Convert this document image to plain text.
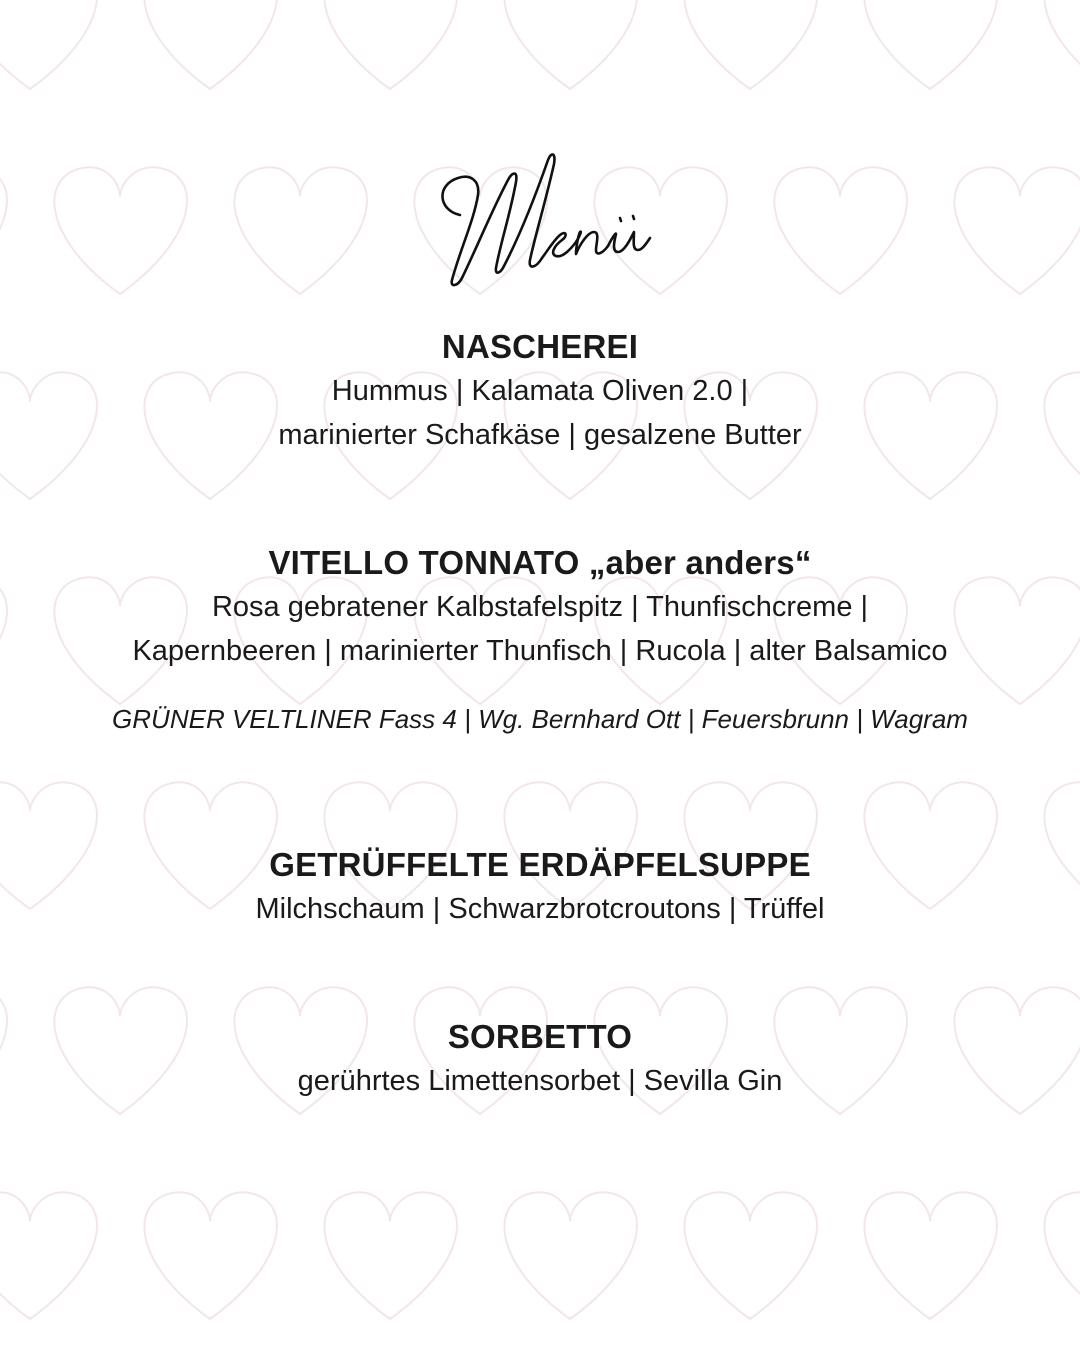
NASCHEREI

Hummus | Kalamata Oliven 2.0 |

marinierter Schafkäse | gesalzene Butter

VITELLO TONNATO „aber anders“

Rosa gebratener Kalbstafelspitz | Thunfischcreme |

Kapernbeeren | marinierter Thunfisch | Rucola | alter Balsamico

GRÜNER VELTLINER Fass 4 | Wg. Bernhard Ott | Feuersbrunn | Wagram

GETRÜFFELTE ERDÄPFELSUPPE

Milchschaum | Schwarzbrotcroutons | Trüffel

SORBETTO

gerührtes Limettensorbet | Sevilla Gin
